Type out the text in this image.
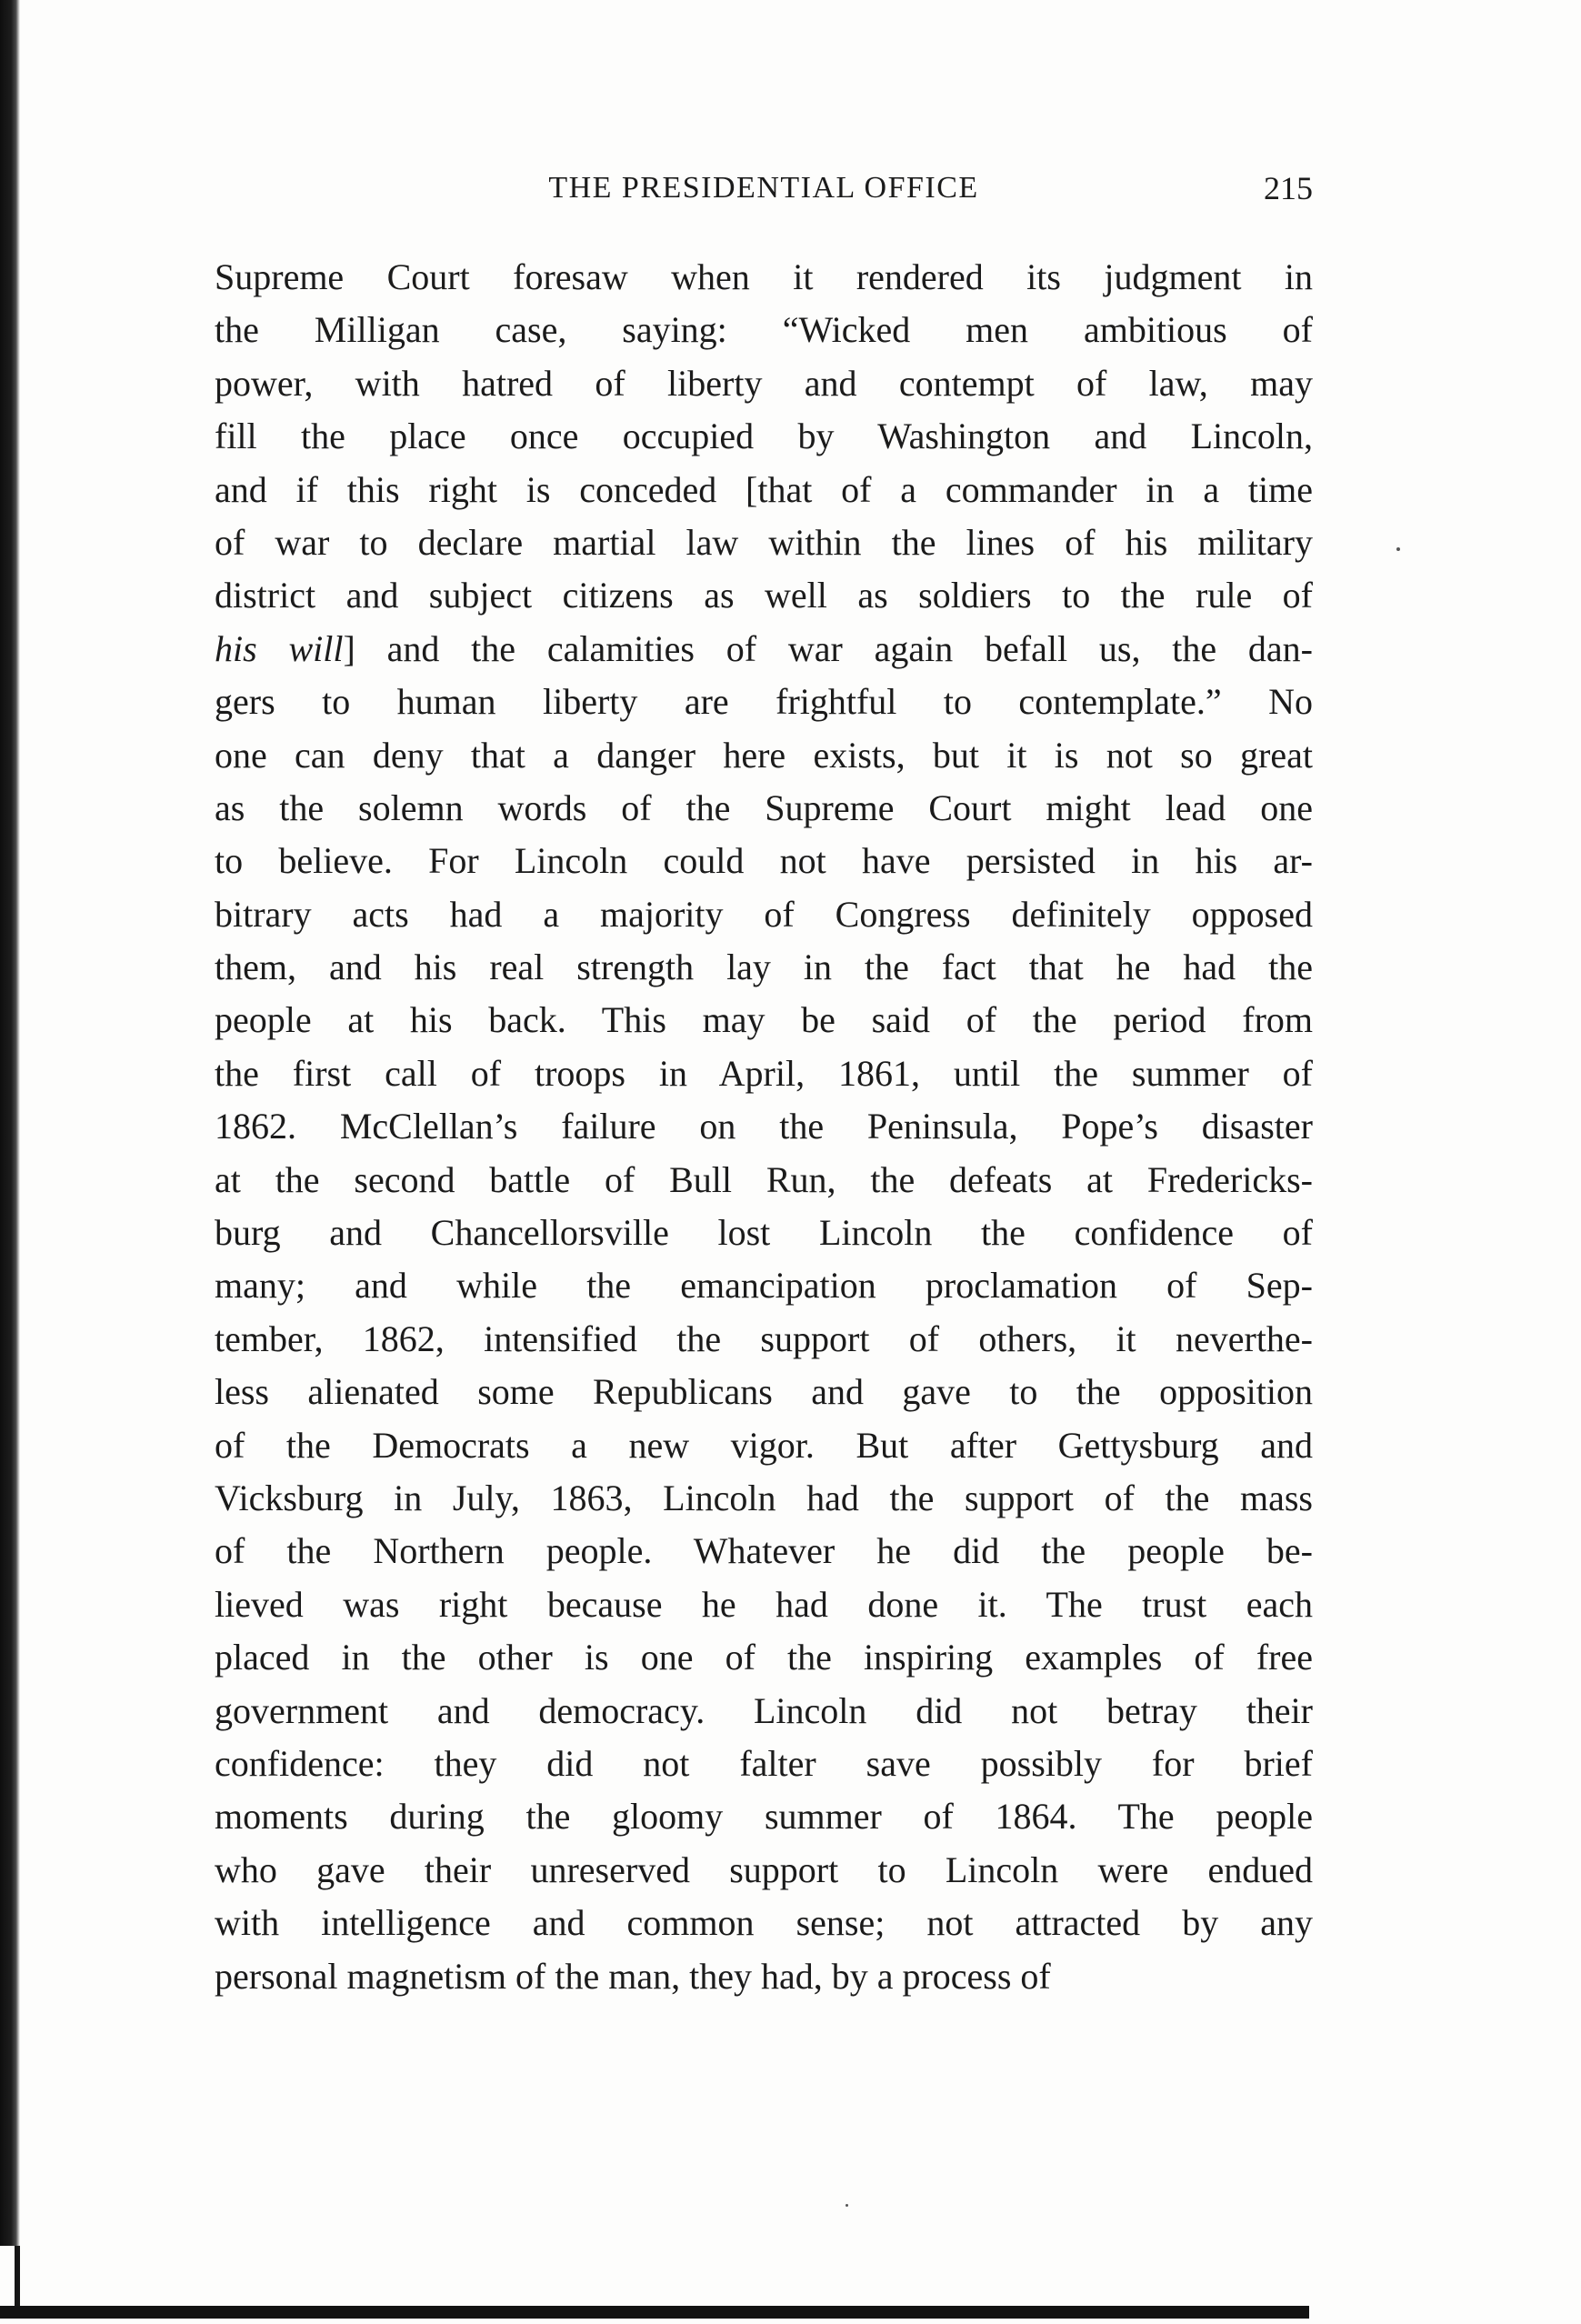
THE PRESIDENTIAL OFFICE	215
Supreme Court foresaw when it rendered its judgment in
the Milligan case, saying: “Wicked men ambitious of
power, with hatred of liberty and contempt of law, may
fill the place once occupied by Washington and Lincoln,
and if this right is conceded [that of a commander in a time
of war to declare martial law within the lines of his military
district and subject citizens as well as soldiers to the rule of
his will] and the calamities of war again befall us, the dan-
gers to human liberty are frightful to contemplate.” No
one can deny that a danger here exists, but it is not so great
as the solemn words of the Supreme Court might lead one
to believe. For Lincoln could not have persisted in his ar-
bitrary acts had a majority of Congress definitely opposed
them, and his real strength lay in the fact that he had the
people at his back. This may be said of the period from
the first call of troops in April, 1861, until the summer of
1862. McClellan’s failure on the Peninsula, Pope’s disaster
at the second battle of Bull Run, the defeats at Fredericks-
burg and Chancellorsville lost Lincoln the confidence of
many; and while the emancipation proclamation of Sep-
tember, 1862, intensified the support of others, it neverthe-
less alienated some Republicans and gave to the opposition
of the Democrats a new vigor. But after Gettysburg and
Vicksburg in July, 1863, Lincoln had the support of the mass
of the Northern people. Whatever he did the people be-
lieved was right because he had done it. The trust each
placed in the other is one of the inspiring examples of free
government and democracy. Lincoln did not betray their
confidence: they did not falter save possibly for brief
moments during the gloomy summer of 1864. The people
who gave their unreserved support to Lincoln were endued
with intelligence and common sense; not attracted by any
personal magnetism of the man, they had, by a process of
